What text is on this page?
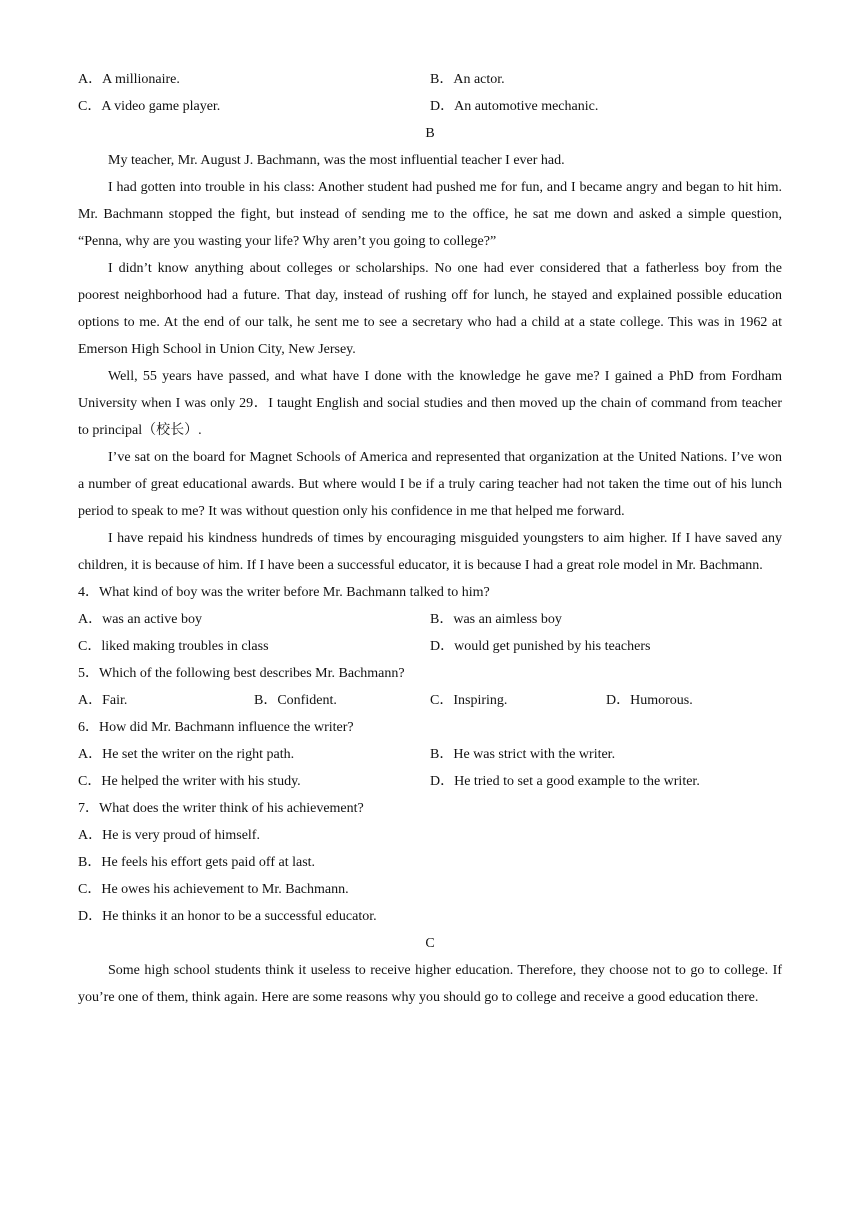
A．A millionaire.	B．An actor.
C．A video game player.	D．An automotive mechanic.
B
My teacher, Mr. August J. Bachmann, was the most influential teacher I ever had.
I had gotten into trouble in his class: Another student had pushed me for fun, and I became angry and began to hit him. Mr. Bachmann stopped the fight, but instead of sending me to the office, he sat me down and asked a simple question, “Penna, why are you wasting your life? Why aren’t you going to college?”
I didn’t know anything about colleges or scholarships. No one had ever considered that a fatherless boy from the poorest neighborhood had a future. That day, instead of rushing off for lunch, he stayed and explained possible education options to me. At the end of our talk, he sent me to see a secretary who had a child at a state college. This was in 1962 at Emerson High School in Union City, New Jersey.
Well, 55 years have passed, and what have I done with the knowledge he gave me? I gained a PhD from Fordham University when I was only 29．I taught English and social studies and then moved up the chain of command from teacher to principal（校长）.
I’ve sat on the board for Magnet Schools of America and represented that organization at the United Nations. I’ve won a number of great educational awards. But where would I be if a truly caring teacher had not taken the time out of his lunch period to speak to me? It was without question only his confidence in me that helped me forward.
I have repaid his kindness hundreds of times by encouraging misguided youngsters to aim higher. If I have saved any children, it is because of him. If I have been a successful educator, it is because I had a great role model in Mr. Bachmann.
4．What kind of boy was the writer before Mr. Bachmann talked to him?
A．was an active boy	B．was an aimless boy
C．liked making troubles in class	D．would get punished by his teachers
5．Which of the following best describes Mr. Bachmann?
A．Fair.	B．Confident.	C．Inspiring.	D．Humorous.
6．How did Mr. Bachmann influence the writer?
A．He set the writer on the right path.	B．He was strict with the writer.
C．He helped the writer with his study.	D．He tried to set a good example to the writer.
7．What does the writer think of his achievement?
A．He is very proud of himself.
B．He feels his effort gets paid off at last.
C．He owes his achievement to Mr. Bachmann.
D．He thinks it an honor to be a successful educator.
C
Some high school students think it useless to receive higher education. Therefore, they choose not to go to college. If you’re one of them, think again. Here are some reasons why you should go to college and receive a good education there.
